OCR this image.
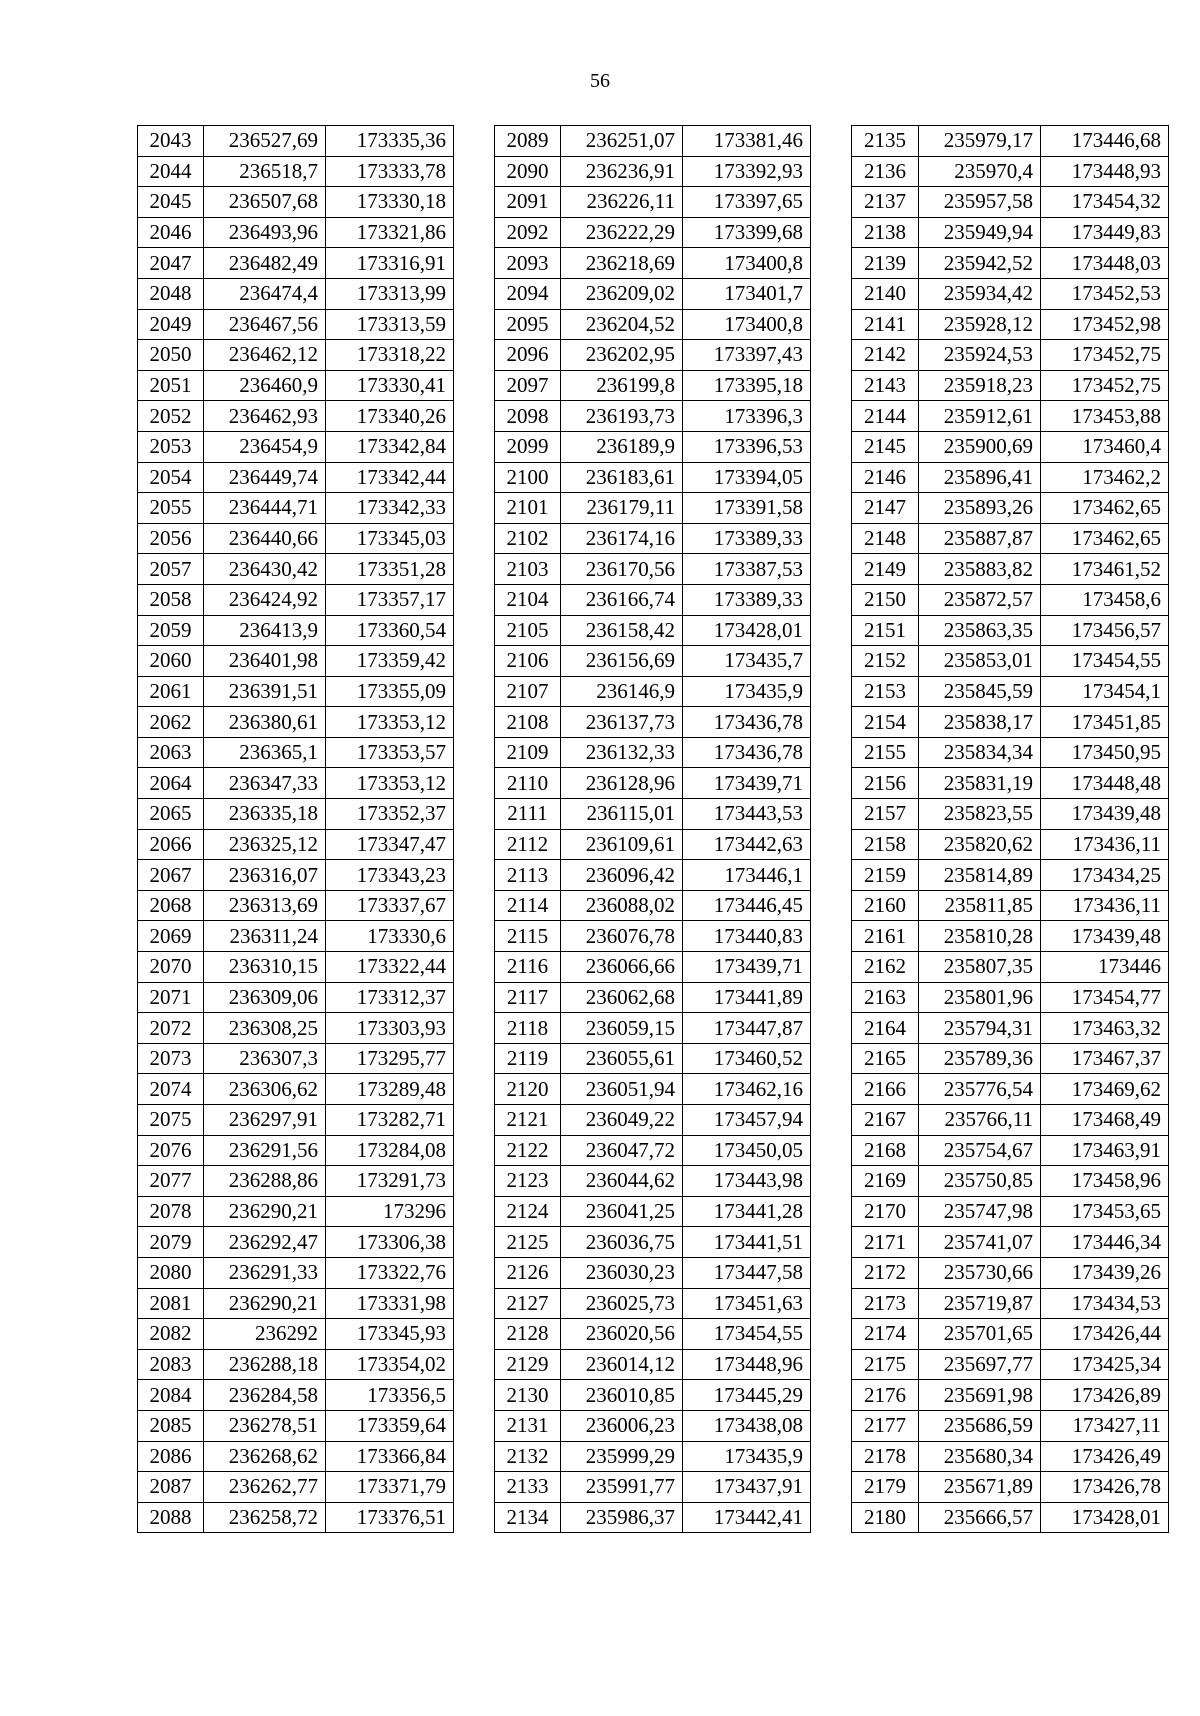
56
2043	236527,69	173335,36
2044	236518,7	173333,78
2045	236507,68	173330,18
2046	236493,96	173321,86
2047	236482,49	173316,91
2048	236474,4	173313,99
2049	236467,56	173313,59
2050	236462,12	173318,22
2051	236460,9	173330,41
2052	236462,93	173340,26
2053	236454,9	173342,84
2054	236449,74	173342,44
2055	236444,71	173342,33
2056	236440,66	173345,03
2057	236430,42	173351,28
2058	236424,92	173357,17
2059	236413,9	173360,54
2060	236401,98	173359,42
2061	236391,51	173355,09
2062	236380,61	173353,12
2063	236365,1	173353,57
2064	236347,33	173353,12
2065	236335,18	173352,37
2066	236325,12	173347,47
2067	236316,07	173343,23
2068	236313,69	173337,67
2069	236311,24	173330,6
2070	236310,15	173322,44
2071	236309,06	173312,37
2072	236308,25	173303,93
2073	236307,3	173295,77
2074	236306,62	173289,48
2075	236297,91	173282,71
2076	236291,56	173284,08
2077	236288,86	173291,73
2078	236290,21	173296
2079	236292,47	173306,38
2080	236291,33	173322,76
2081	236290,21	173331,98
2082	236292	173345,93
2083	236288,18	173354,02
2084	236284,58	173356,5
2085	236278,51	173359,64
2086	236268,62	173366,84
2087	236262,77	173371,79
2088	236258,72	173376,51
2089	236251,07	173381,46
2090	236236,91	173392,93
2091	236226,11	173397,65
2092	236222,29	173399,68
2093	236218,69	173400,8
2094	236209,02	173401,7
2095	236204,52	173400,8
2096	236202,95	173397,43
2097	236199,8	173395,18
2098	236193,73	173396,3
2099	236189,9	173396,53
2100	236183,61	173394,05
2101	236179,11	173391,58
2102	236174,16	173389,33
2103	236170,56	173387,53
2104	236166,74	173389,33
2105	236158,42	173428,01
2106	236156,69	173435,7
2107	236146,9	173435,9
2108	236137,73	173436,78
2109	236132,33	173436,78
2110	236128,96	173439,71
2111	236115,01	173443,53
2112	236109,61	173442,63
2113	236096,42	173446,1
2114	236088,02	173446,45
2115	236076,78	173440,83
2116	236066,66	173439,71
2117	236062,68	173441,89
2118	236059,15	173447,87
2119	236055,61	173460,52
2120	236051,94	173462,16
2121	236049,22	173457,94
2122	236047,72	173450,05
2123	236044,62	173443,98
2124	236041,25	173441,28
2125	236036,75	173441,51
2126	236030,23	173447,58
2127	236025,73	173451,63
2128	236020,56	173454,55
2129	236014,12	173448,96
2130	236010,85	173445,29
2131	236006,23	173438,08
2132	235999,29	173435,9
2133	235991,77	173437,91
2134	235986,37	173442,41
2135	235979,17	173446,68
2136	235970,4	173448,93
2137	235957,58	173454,32
2138	235949,94	173449,83
2139	235942,52	173448,03
2140	235934,42	173452,53
2141	235928,12	173452,98
2142	235924,53	173452,75
2143	235918,23	173452,75
2144	235912,61	173453,88
2145	235900,69	173460,4
2146	235896,41	173462,2
2147	235893,26	173462,65
2148	235887,87	173462,65
2149	235883,82	173461,52
2150	235872,57	173458,6
2151	235863,35	173456,57
2152	235853,01	173454,55
2153	235845,59	173454,1
2154	235838,17	173451,85
2155	235834,34	173450,95
2156	235831,19	173448,48
2157	235823,55	173439,48
2158	235820,62	173436,11
2159	235814,89	173434,25
2160	235811,85	173436,11
2161	235810,28	173439,48
2162	235807,35	173446
2163	235801,96	173454,77
2164	235794,31	173463,32
2165	235789,36	173467,37
2166	235776,54	173469,62
2167	235766,11	173468,49
2168	235754,67	173463,91
2169	235750,85	173458,96
2170	235747,98	173453,65
2171	235741,07	173446,34
2172	235730,66	173439,26
2173	235719,87	173434,53
2174	235701,65	173426,44
2175	235697,77	173425,34
2176	235691,98	173426,89
2177	235686,59	173427,11
2178	235680,34	173426,49
2179	235671,89	173426,78
2180	235666,57	173428,01
